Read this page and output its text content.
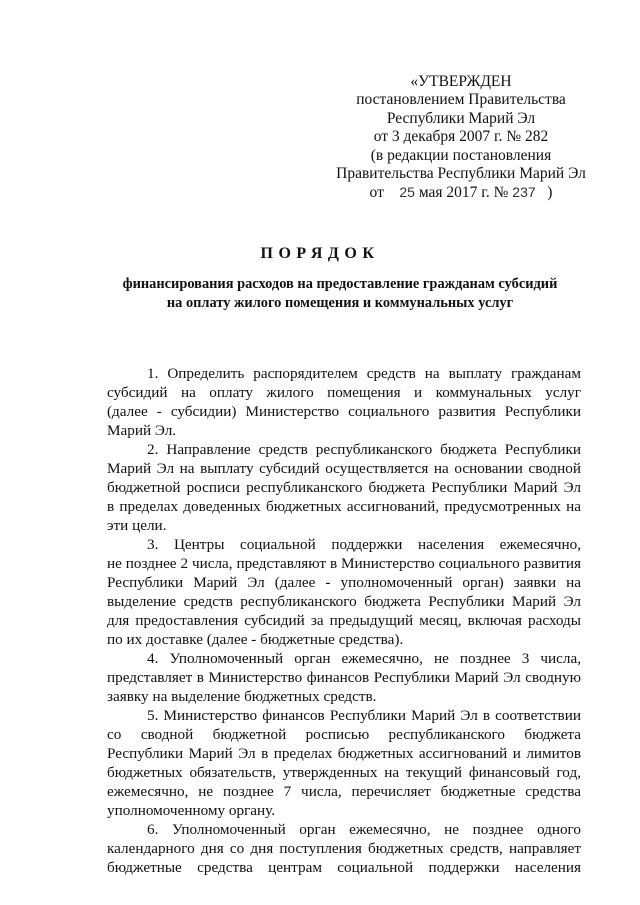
«УТВЕРЖДЕН
постановлением Правительства
Республики Марий Эл
от 3 декабря 2007 г. № 282
(в редакции постановления
Правительства Республики Марий Эл
от 25 мая 2017 г. № 237 )
ПОРЯДОК
финансирования расходов на предоставление гражданам субсидий
на оплату жилого помещения и коммунальных услуг
1. Определить распорядителем средств на выплату гражданам
субсидий на оплату жилого помещения и коммунальных услуг
(далее - субсидии) Министерство социального развития Республики
Марий Эл.
2. Направление средств республиканского бюджета Республики
Марий Эл на выплату субсидий осуществляется на основании сводной
бюджетной росписи республиканского бюджета Республики Марий Эл
в пределах доведенных бюджетных ассигнований, предусмотренных на
эти цели.
3. Центры социальной поддержки населения ежемесячно,
не позднее 2 числа, представляют в Министерство социального развития
Республики Марий Эл (далее - уполномоченный орган) заявки на
выделение средств республиканского бюджета Республики Марий Эл
для предоставления субсидий за предыдущий месяц, включая расходы
по их доставке (далее - бюджетные средства).
4. Уполномоченный орган ежемесячно, не позднее 3 числа,
представляет в Министерство финансов Республики Марий Эл сводную
заявку на выделение бюджетных средств.
5. Министерство финансов Республики Марий Эл в соответствии
со сводной бюджетной росписью республиканского бюджета
Республики Марий Эл в пределах бюджетных ассигнований и лимитов
бюджетных обязательств, утвержденных на текущий финансовый год,
ежемесячно, не позднее 7 числа, перечисляет бюджетные средства
уполномоченному органу.
6. Уполномоченный орган ежемесячно, не позднее одного
календарного дня со дня поступления бюджетных средств, направляет
бюджетные средства центрам социальной поддержки населения
